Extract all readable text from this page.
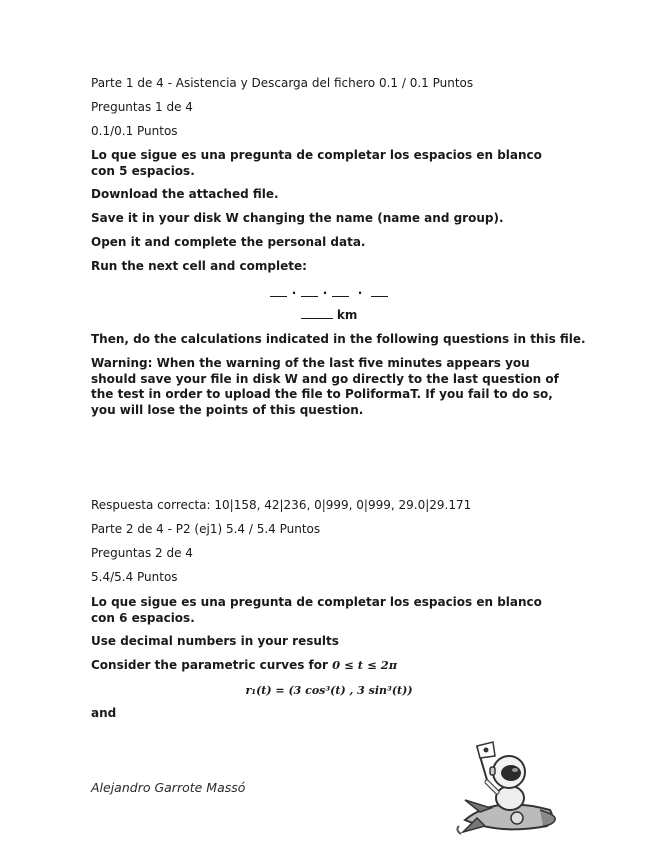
Parte 1 de 4 - Asistencia y Descarga del fichero 0.1 / 0.1 Puntos
Preguntas 1 de 4
0.1/0.1 Puntos
Lo que sigue es una pregunta de completar los espacios en blanco con 5 espacios.
Download the attached file.
Save it in your disk W changing the name (name and group).
Open it and complete the personal data.
Run the next cell and complete:
· ·	·
km
Then, do the calculations indicated in the following questions in this file.
Warning: When the warning of the last five minutes appears you should save your file in disk W and go directly to the last question of the test in order to upload the file to PoliformaT. If you fail to do so, you will lose the points of this question.
Respuesta correcta: 10|158, 42|236, 0|999, 0|999, 29.0|29.171
Parte 2 de 4 - P2 (ej1) 5.4 / 5.4 Puntos
Preguntas 2 de 4
5.4/5.4 Puntos
Lo que sigue es una pregunta de completar los espacios en blanco con 6 espacios.
Use decimal numbers in your results
Consider the parametric curves for 0 ≤ t ≤ 2π
r₁(t) = (3 cos³(t) , 3 sin³(t))
and
Alejandro Garrote Massó
